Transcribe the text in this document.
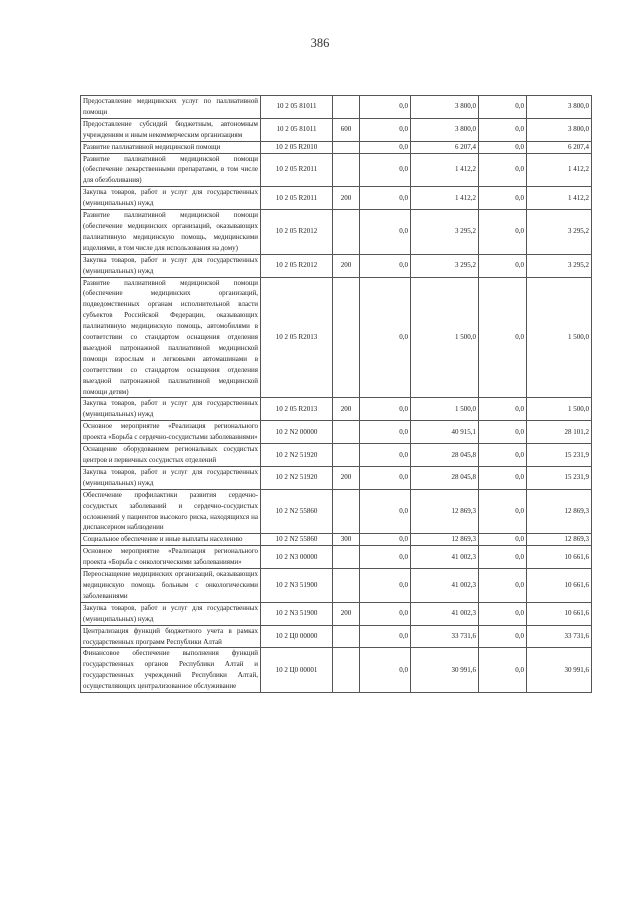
386
Предоставление медицинских услуг по паллиативной помощи	10 2 05 81011		0,0	3 800,0	0,0	3 800,0
Предоставление субсидий бюджетным, автономным учреждениям и иным некоммерческим организациям	10 2 05 81011	600	0,0	3 800,0	0,0	3 800,0
Развитие паллиативной медицинской помощи	10 2 05 R2010		0,0	6 207,4	0,0	6 207,4
Развитие паллиативной медицинской помощи (обеспечение лекарственными препаратами, в том числе для обезболивания)	10 2 05 R2011		0,0	1 412,2	0,0	1 412,2
Закупка товаров, работ и услуг для государственных (муниципальных) нужд	10 2 05 R2011	200	0,0	1 412,2	0,0	1 412,2
Развитие паллиативной медицинской помощи (обеспечение медицинских организаций, оказывающих паллиативную медицинскую помощь, медицинскими изделиями, в том числе для использования на дому)	10 2 05 R2012		0,0	3 295,2	0,0	3 295,2
Закупка товаров, работ и услуг для государственных (муниципальных) нужд	10 2 05 R2012	200	0,0	3 295,2	0,0	3 295,2
Развитие паллиативной медицинской помощи (обеспечение медицинских организаций, подведомственных органам исполнительной власти субъектов Российской Федерации, оказывающих паллиативную медицинскую помощь, автомобилями в соответствии со стандартом оснащения отделения выездной патронажной паллиативной медицинской помощи взрослым и легковыми автомашинами в соответствии со стандартом оснащения отделения выездной патронажной паллиативной медицинской помощи детям)	10 2 05 R2013		0,0	1 500,0	0,0	1 500,0
Закупка товаров, работ и услуг для государственных (муниципальных) нужд	10 2 05 R2013	200	0,0	1 500,0	0,0	1 500,0
Основное мероприятие «Реализация регионального проекта «Борьба с сердечно-сосудистыми заболеваниями»	10 2 N2 00000		0,0	40 915,1	0,0	28 101,2
Оснащение оборудованием региональных сосудистых центров и первичных сосудистых отделений	10 2 N2 51920		0,0	28 045,8	0,0	15 231,9
Закупка товаров, работ и услуг для государственных (муниципальных) нужд	10 2 N2 51920	200	0,0	28 045,8	0,0	15 231,9
Обеспечение профилактики развития сердечно-сосудистых заболеваний и сердечно-сосудистых осложнений у пациентов высокого риска, находящихся на диспансерном наблюдении	10 2 N2 55860		0,0	12 869,3	0,0	12 869,3
Социальное обеспечение и иные выплаты населению	10 2 N2 55860	300	0,0	12 869,3	0,0	12 869,3
Основное мероприятие «Реализация регионального проекта «Борьба с онкологическими заболеваниями»	10 2 N3 00000		0,0	41 002,3	0,0	10 661,6
Переоснащение медицинских организаций, оказывающих медицинскую помощь больным с онкологическими заболеваниями	10 2 N3 51900		0,0	41 002,3	0,0	10 661,6
Закупка товаров, работ и услуг для государственных (муниципальных) нужд	10 2 N3 51900	200	0,0	41 002,3	0,0	10 661,6
Централизация функций бюджетного учета в рамках государственных программ Республики Алтай	10 2 Ц0 00000		0,0	33 731,6	0,0	33 731,6
Финансовое обеспечение выполнения функций государственных органов Республики Алтай и государственных учреждений Республики Алтай, осуществляющих централизованное обслуживание	10 2 Ц0 00001		0,0	30 991,6	0,0	30 991,6
